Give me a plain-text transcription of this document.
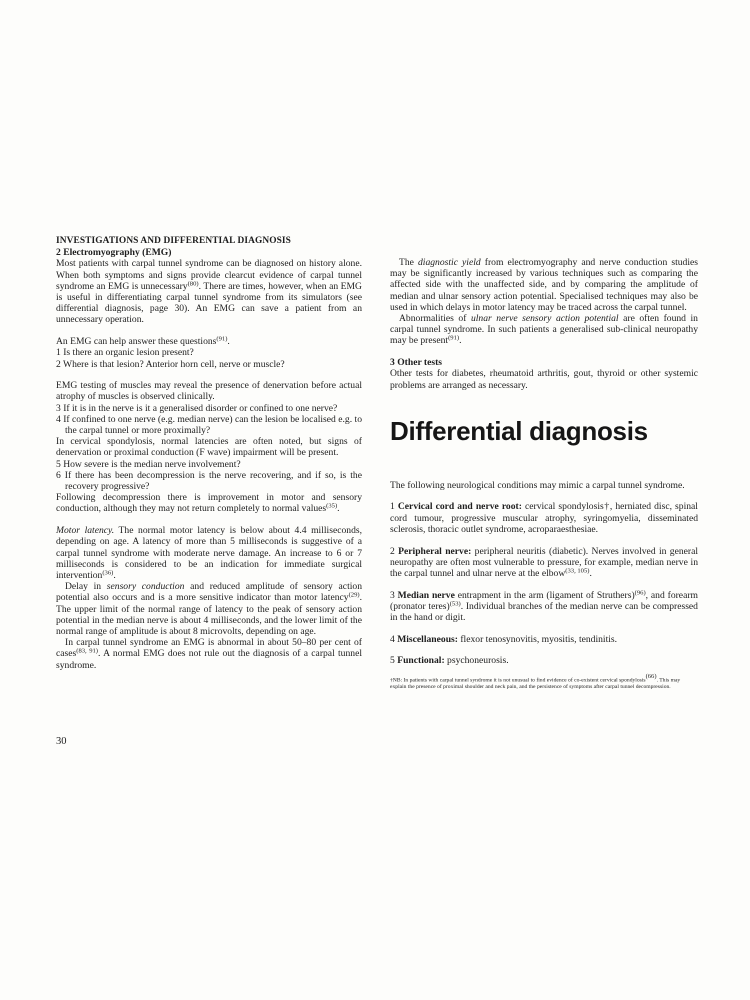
INVESTIGATIONS AND DIFFERENTIAL DIAGNOSIS

2 Electromyography (EMG)

Most patients with carpal tunnel syndrome can be diagnosed on history alone. When both symptoms and signs provide clearcut evidence of carpal tunnel syndrome an EMG is unnecessary$^{(80)}$. There are times, however, when an EMG is useful in differentiating carpal tunnel syndrome from its simulators (see differential diagnosis, page 30). An EMG can save a patient from an unnecessary operation.

An EMG can help answer these questions$^{(91)}$.

1 Is there an organic lesion present?

2 Where is that lesion? Anterior horn cell, nerve or muscle?

EMG testing of muscles may reveal the presence of denervation before actual atrophy of muscles is observed clinically.

3 If it is in the nerve is it a generalised disorder or confined to one nerve?

4 If confined to one nerve (e.g. median nerve) can the lesion be localised e.g. to the carpal tunnel or more proximally?

In cervical spondylosis, normal latencies are often noted, but signs of denervation or proximal conduction (F wave) impairment will be present.

5 How severe is the median nerve involvement?

6 If there has been decompression is the nerve recovering, and if so, is the recovery progressive?

Following decompression there is improvement in motor and sensory conduction, although they may not return completely to normal values$^{(35)}$.

Motor latency. The normal motor latency is below about 4.4 milliseconds, depending on age. A latency of more than 5 milliseconds is suggestive of a carpal tunnel syndrome with moderate nerve damage. An increase to 6 or 7 milliseconds is considered to be an indication for immediate surgical intervention$^{(36)}$.

Delay in sensory conduction and reduced amplitude of sensory action potential also occurs and is a more sensitive indicator than motor latency$^{(29)}$. The upper limit of the normal range of latency to the peak of sensory action potential in the median nerve is about 4 milliseconds, and the lower limit of the normal range of amplitude is about 8 microvolts, depending on age.

In carpal tunnel syndrome an EMG is abnormal in about 50–80 per cent of cases$^{(83, 91)}$. A normal EMG does not rule out the diagnosis of a carpal tunnel syndrome.

30

The diagnostic yield from electromyography and nerve conduction studies may be significantly increased by various techniques such as comparing the affected side with the unaffected side, and by comparing the amplitude of median and ulnar sensory action potential. Specialised techniques may also be used in which delays in motor latency may be traced across the carpal tunnel.

Abnormalities of ulnar nerve sensory action potential are often found in carpal tunnel syndrome. In such patients a generalised sub-clinical neuropathy may be present$^{(91)}$.

3 Other tests

Other tests for diabetes, rheumatoid arthritis, gout, thyroid or other systemic problems are arranged as necessary.

Differential diagnosis

The following neurological conditions may mimic a carpal tunnel syndrome.

1 Cervical cord and nerve root: cervical spondylosis†, herniated disc, spinal cord tumour, progressive muscular atrophy, syringomyelia, disseminated sclerosis, thoracic outlet syndrome, acroparaesthesiae.

2 Peripheral nerve: peripheral neuritis (diabetic). Nerves involved in general neuropathy are often most vulnerable to pressure, for example, median nerve in the carpal tunnel and ulnar nerve at the elbow$^{(33, 105)}$.

3 Median nerve entrapment in the arm (ligament of Struthers)$^{(96)}$, and forearm (pronator teres)$^{(53)}$. Individual branches of the median nerve can be compressed in the hand or digit.

4 Miscellaneous: flexor tenosynovitis, myositis, tendinitis.

5 Functional: psychoneurosis.

†NB: In patients with carpal tunnel syndrome it is not unusual to find evidence of co-existent cervical spondylosis$^{(66)}$. This may explain the presence of proximal shoulder and neck pain, and the persistence of symptoms after carpal tunnel decompression.
